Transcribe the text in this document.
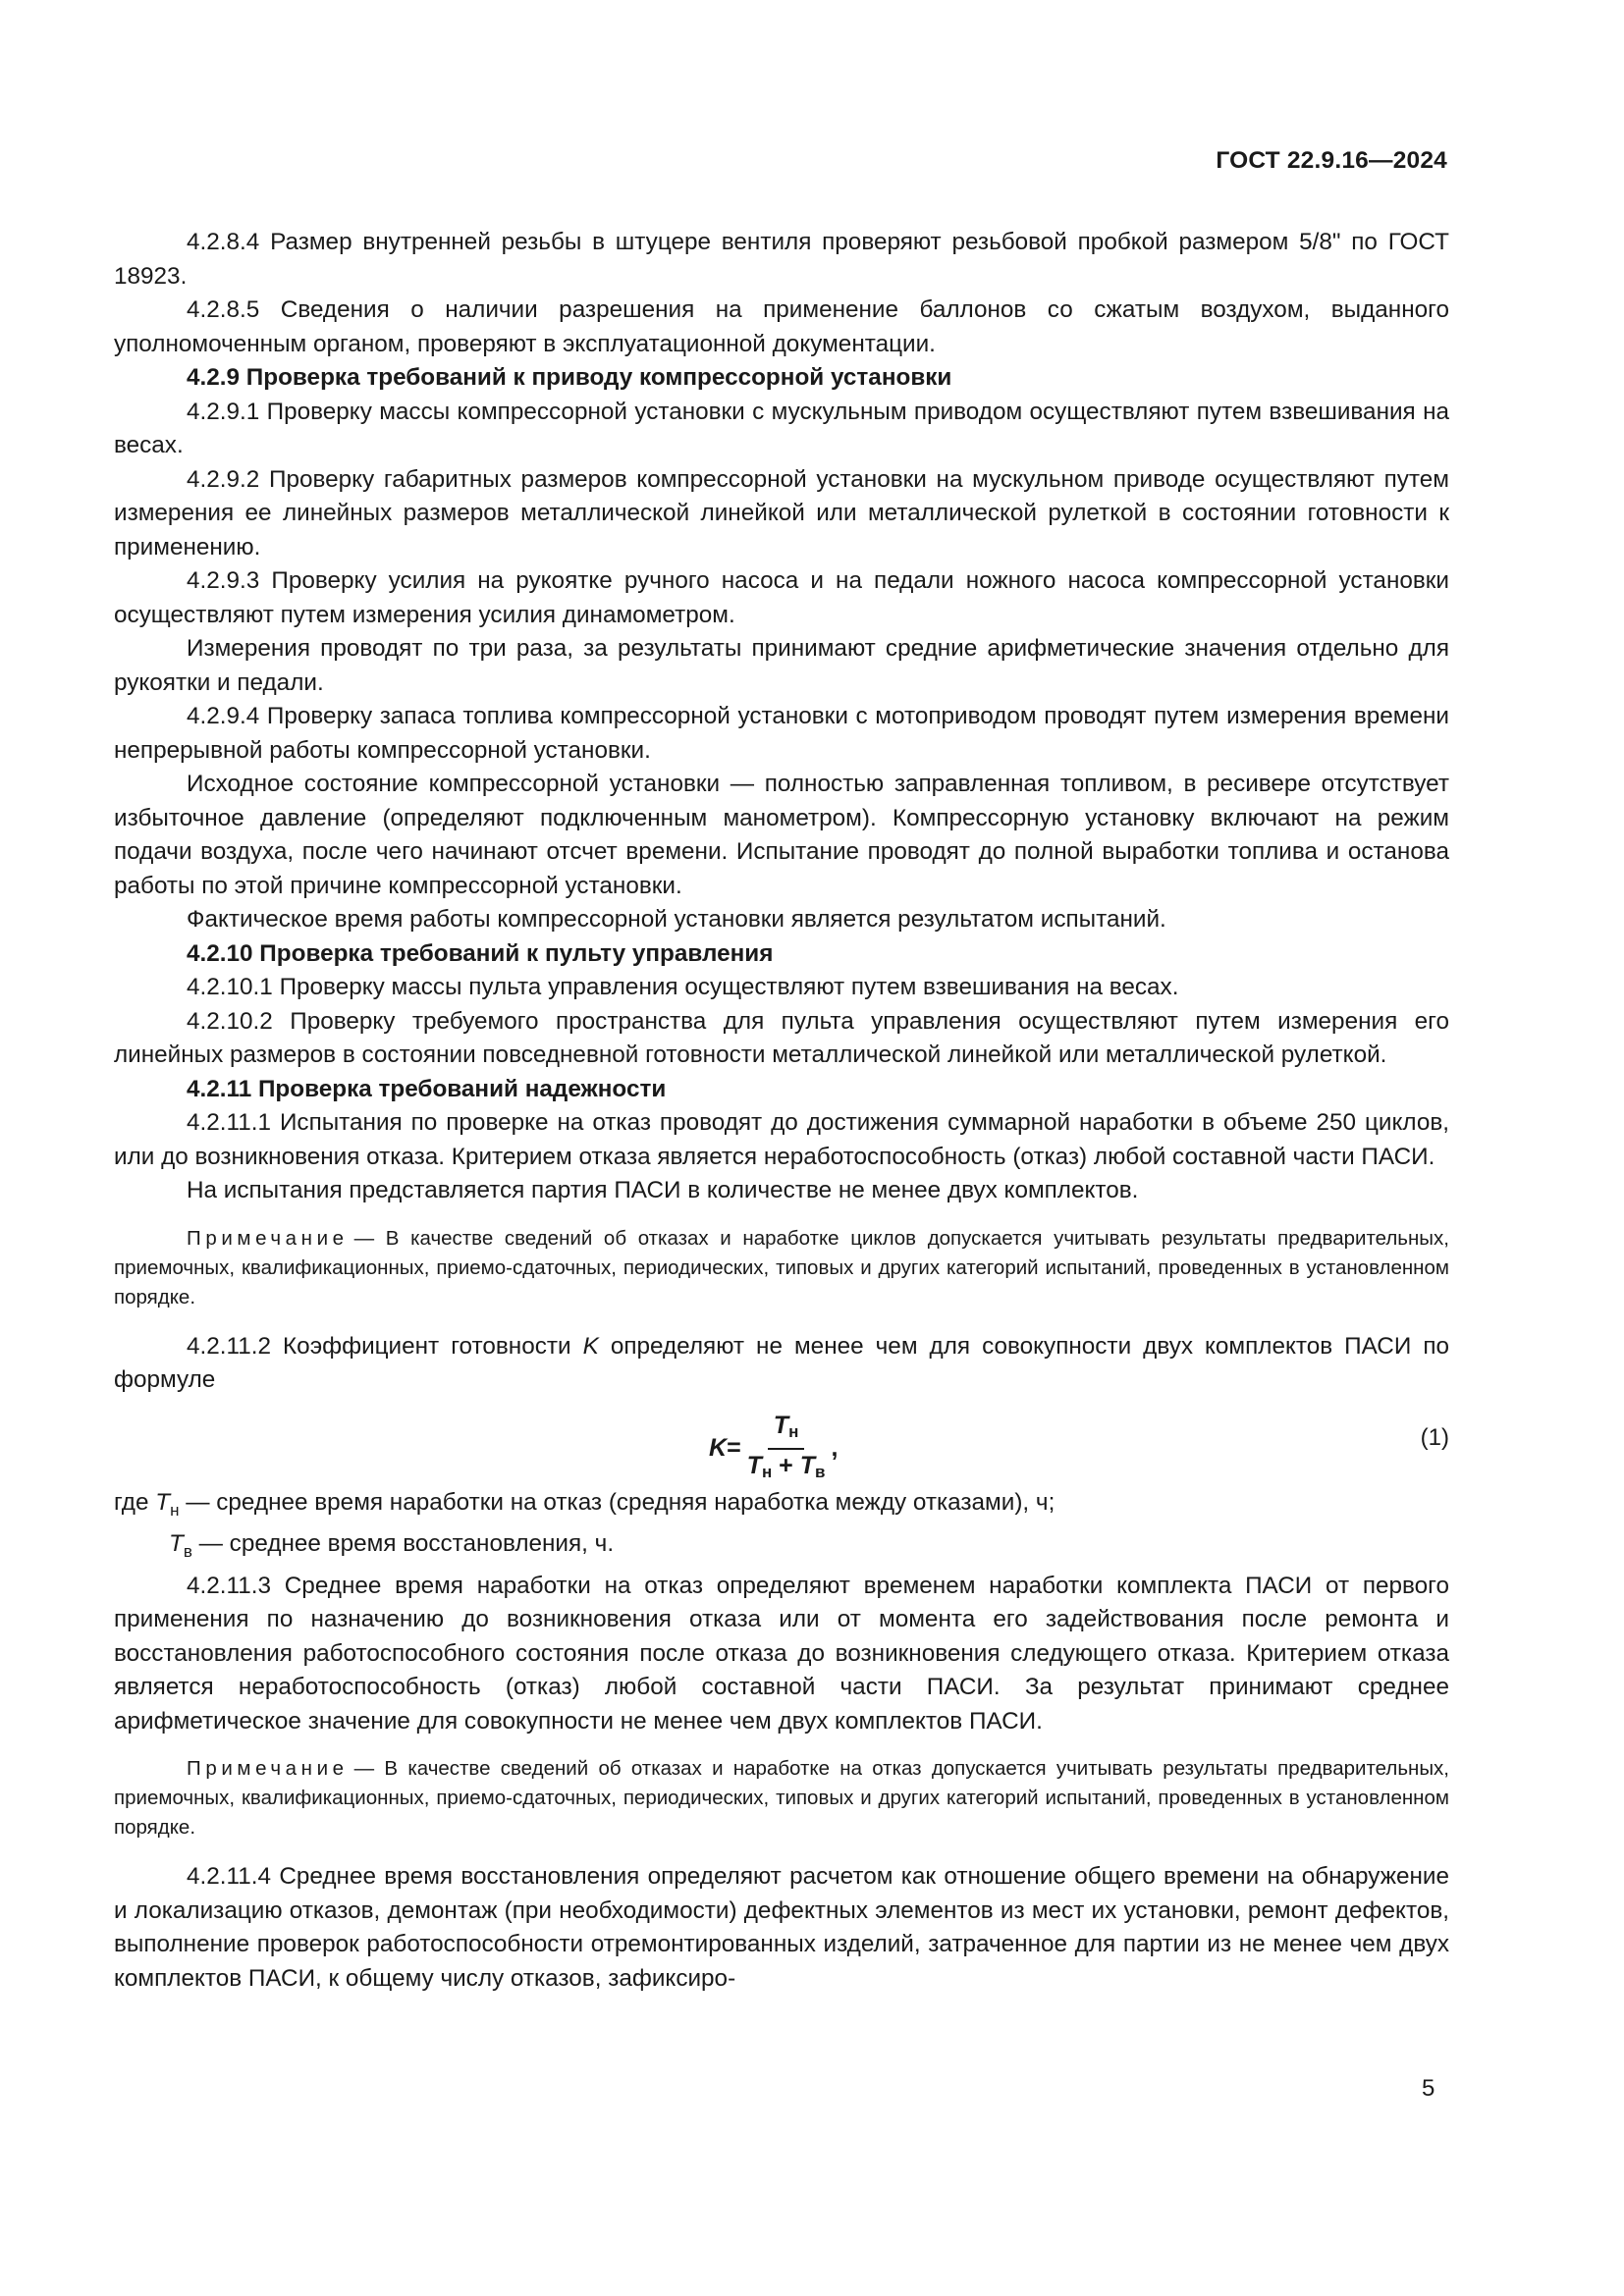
ГОСТ 22.9.16—2024

4.2.8.4 Размер внутренней резьбы в штуцере вентиля проверяют резьбовой пробкой размером 5/8" по ГОСТ 18923.

4.2.8.5 Сведения о наличии разрешения на применение баллонов со сжатым воздухом, выданного уполномоченным органом, проверяют в эксплуатационной документации.

4.2.9 Проверка требований к приводу компрессорной установки

4.2.9.1 Проверку массы компрессорной установки с мускульным приводом осуществляют путем взвешивания на весах.

4.2.9.2 Проверку габаритных размеров компрессорной установки на мускульном приводе осуществляют путем измерения ее линейных размеров металлической линейкой или металлической рулеткой в состоянии готовности к применению.

4.2.9.3 Проверку усилия на рукоятке ручного насоса и на педали ножного насоса компрессорной установки осуществляют путем измерения усилия динамометром.

Измерения проводят по три раза, за результаты принимают средние арифметические значения отдельно для рукоятки и педали.

4.2.9.4 Проверку запаса топлива компрессорной установки с мотоприводом проводят путем измерения времени непрерывной работы компрессорной установки.

Исходное состояние компрессорной установки — полностью заправленная топливом, в ресивере отсутствует избыточное давление (определяют подключенным манометром). Компрессорную установку включают на режим подачи воздуха, после чего начинают отсчет времени. Испытание проводят до полной выработки топлива и останова работы по этой причине компрессорной установки.

Фактическое время работы компрессорной установки является результатом испытаний.

4.2.10 Проверка требований к пульту управления

4.2.10.1 Проверку массы пульта управления осуществляют путем взвешивания на весах.

4.2.10.2 Проверку требуемого пространства для пульта управления осуществляют путем измерения его линейных размеров в состоянии повседневной готовности металлической линейкой или металлической рулеткой.

4.2.11 Проверка требований надежности

4.2.11.1 Испытания по проверке на отказ проводят до достижения суммарной наработки в объеме 250 циклов, или до возникновения отказа. Критерием отказа является неработоспособность (отказ) любой составной части ПАСИ.

На испытания представляется партия ПАСИ в количестве не менее двух комплектов.

Примечание — В качестве сведений об отказах и наработке циклов допускается учитывать результаты предварительных, приемочных, квалификационных, приемо-сдаточных, периодических, типовых и других категорий испытаний, проведенных в установленном порядке.

4.2.11.2 Коэффициент готовности K определяют не менее чем для совокупности двух комплектов ПАСИ по формуле

$K = \frac{T_н}{T_н + T_в}$ ,	(1)

где $T_н$ — среднее время наработки на отказ (средняя наработка между отказами), ч;

$T_в$ — среднее время восстановления, ч.

4.2.11.3 Среднее время наработки на отказ определяют временем наработки комплекта ПАСИ от первого применения по назначению до возникновения отказа или от момента его задействования после ремонта и восстановления работоспособного состояния после отказа до возникновения следующего отказа. Критерием отказа является неработоспособность (отказ) любой составной части ПАСИ. За результат принимают среднее арифметическое значение для совокупности не менее чем двух комплектов ПАСИ.

Примечание — В качестве сведений об отказах и наработке на отказ допускается учитывать результаты предварительных, приемочных, квалификационных, приемо-сдаточных, периодических, типовых и других категорий испытаний, проведенных в установленном порядке.

4.2.11.4 Среднее время восстановления определяют расчетом как отношение общего времени на обнаружение и локализацию отказов, демонтаж (при необходимости) дефектных элементов из мест их установки, ремонт дефектов, выполнение проверок работоспособности отремонтированных изделий, затраченное для партии из не менее чем двух комплектов ПАСИ, к общему числу отказов, зафиксиро-

5
